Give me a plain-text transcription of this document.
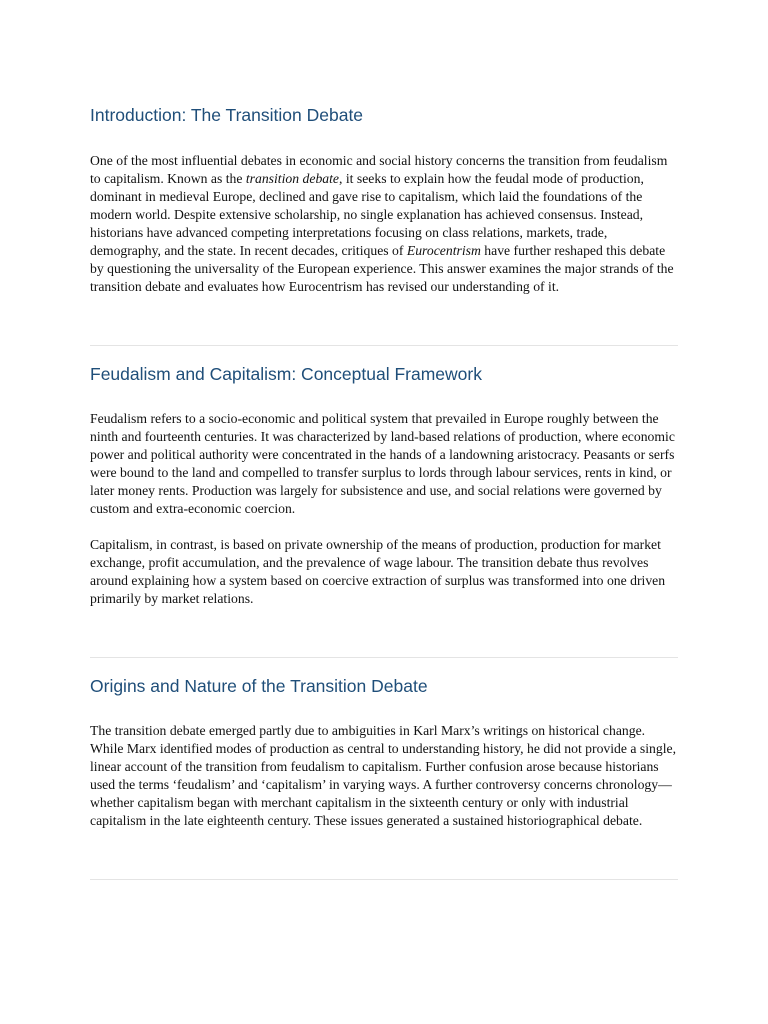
Introduction: The Transition Debate

One of the most influential debates in economic and social history concerns the transition from feudalism to capitalism. Known as the transition debate, it seeks to explain how the feudal mode of production, dominant in medieval Europe, declined and gave rise to capitalism, which laid the foundations of the modern world. Despite extensive scholarship, no single explanation has achieved consensus. Instead, historians have advanced competing interpretations focusing on class relations, markets, trade, demography, and the state. In recent decades, critiques of Eurocentrism have further reshaped this debate by questioning the universality of the European experience. This answer examines the major strands of the transition debate and evaluates how Eurocentrism has revised our understanding of it.

Feudalism and Capitalism: Conceptual Framework

Feudalism refers to a socio-economic and political system that prevailed in Europe roughly between the ninth and fourteenth centuries. It was characterized by land-based relations of production, where economic power and political authority were concentrated in the hands of a landowning aristocracy. Peasants or serfs were bound to the land and compelled to transfer surplus to lords through labour services, rents in kind, or later money rents. Production was largely for subsistence and use, and social relations were governed by custom and extra-economic coercion.

Capitalism, in contrast, is based on private ownership of the means of production, production for market exchange, profit accumulation, and the prevalence of wage labour. The transition debate thus revolves around explaining how a system based on coercive extraction of surplus was transformed into one driven primarily by market relations.

Origins and Nature of the Transition Debate

The transition debate emerged partly due to ambiguities in Karl Marx’s writings on historical change. While Marx identified modes of production as central to understanding history, he did not provide a single, linear account of the transition from feudalism to capitalism. Further confusion arose because historians used the terms ‘feudalism’ and ‘capitalism’ in varying ways. A further controversy concerns chronology—whether capitalism began with merchant capitalism in the sixteenth century or only with industrial capitalism in the late eighteenth century. These issues generated a sustained historiographical debate.
